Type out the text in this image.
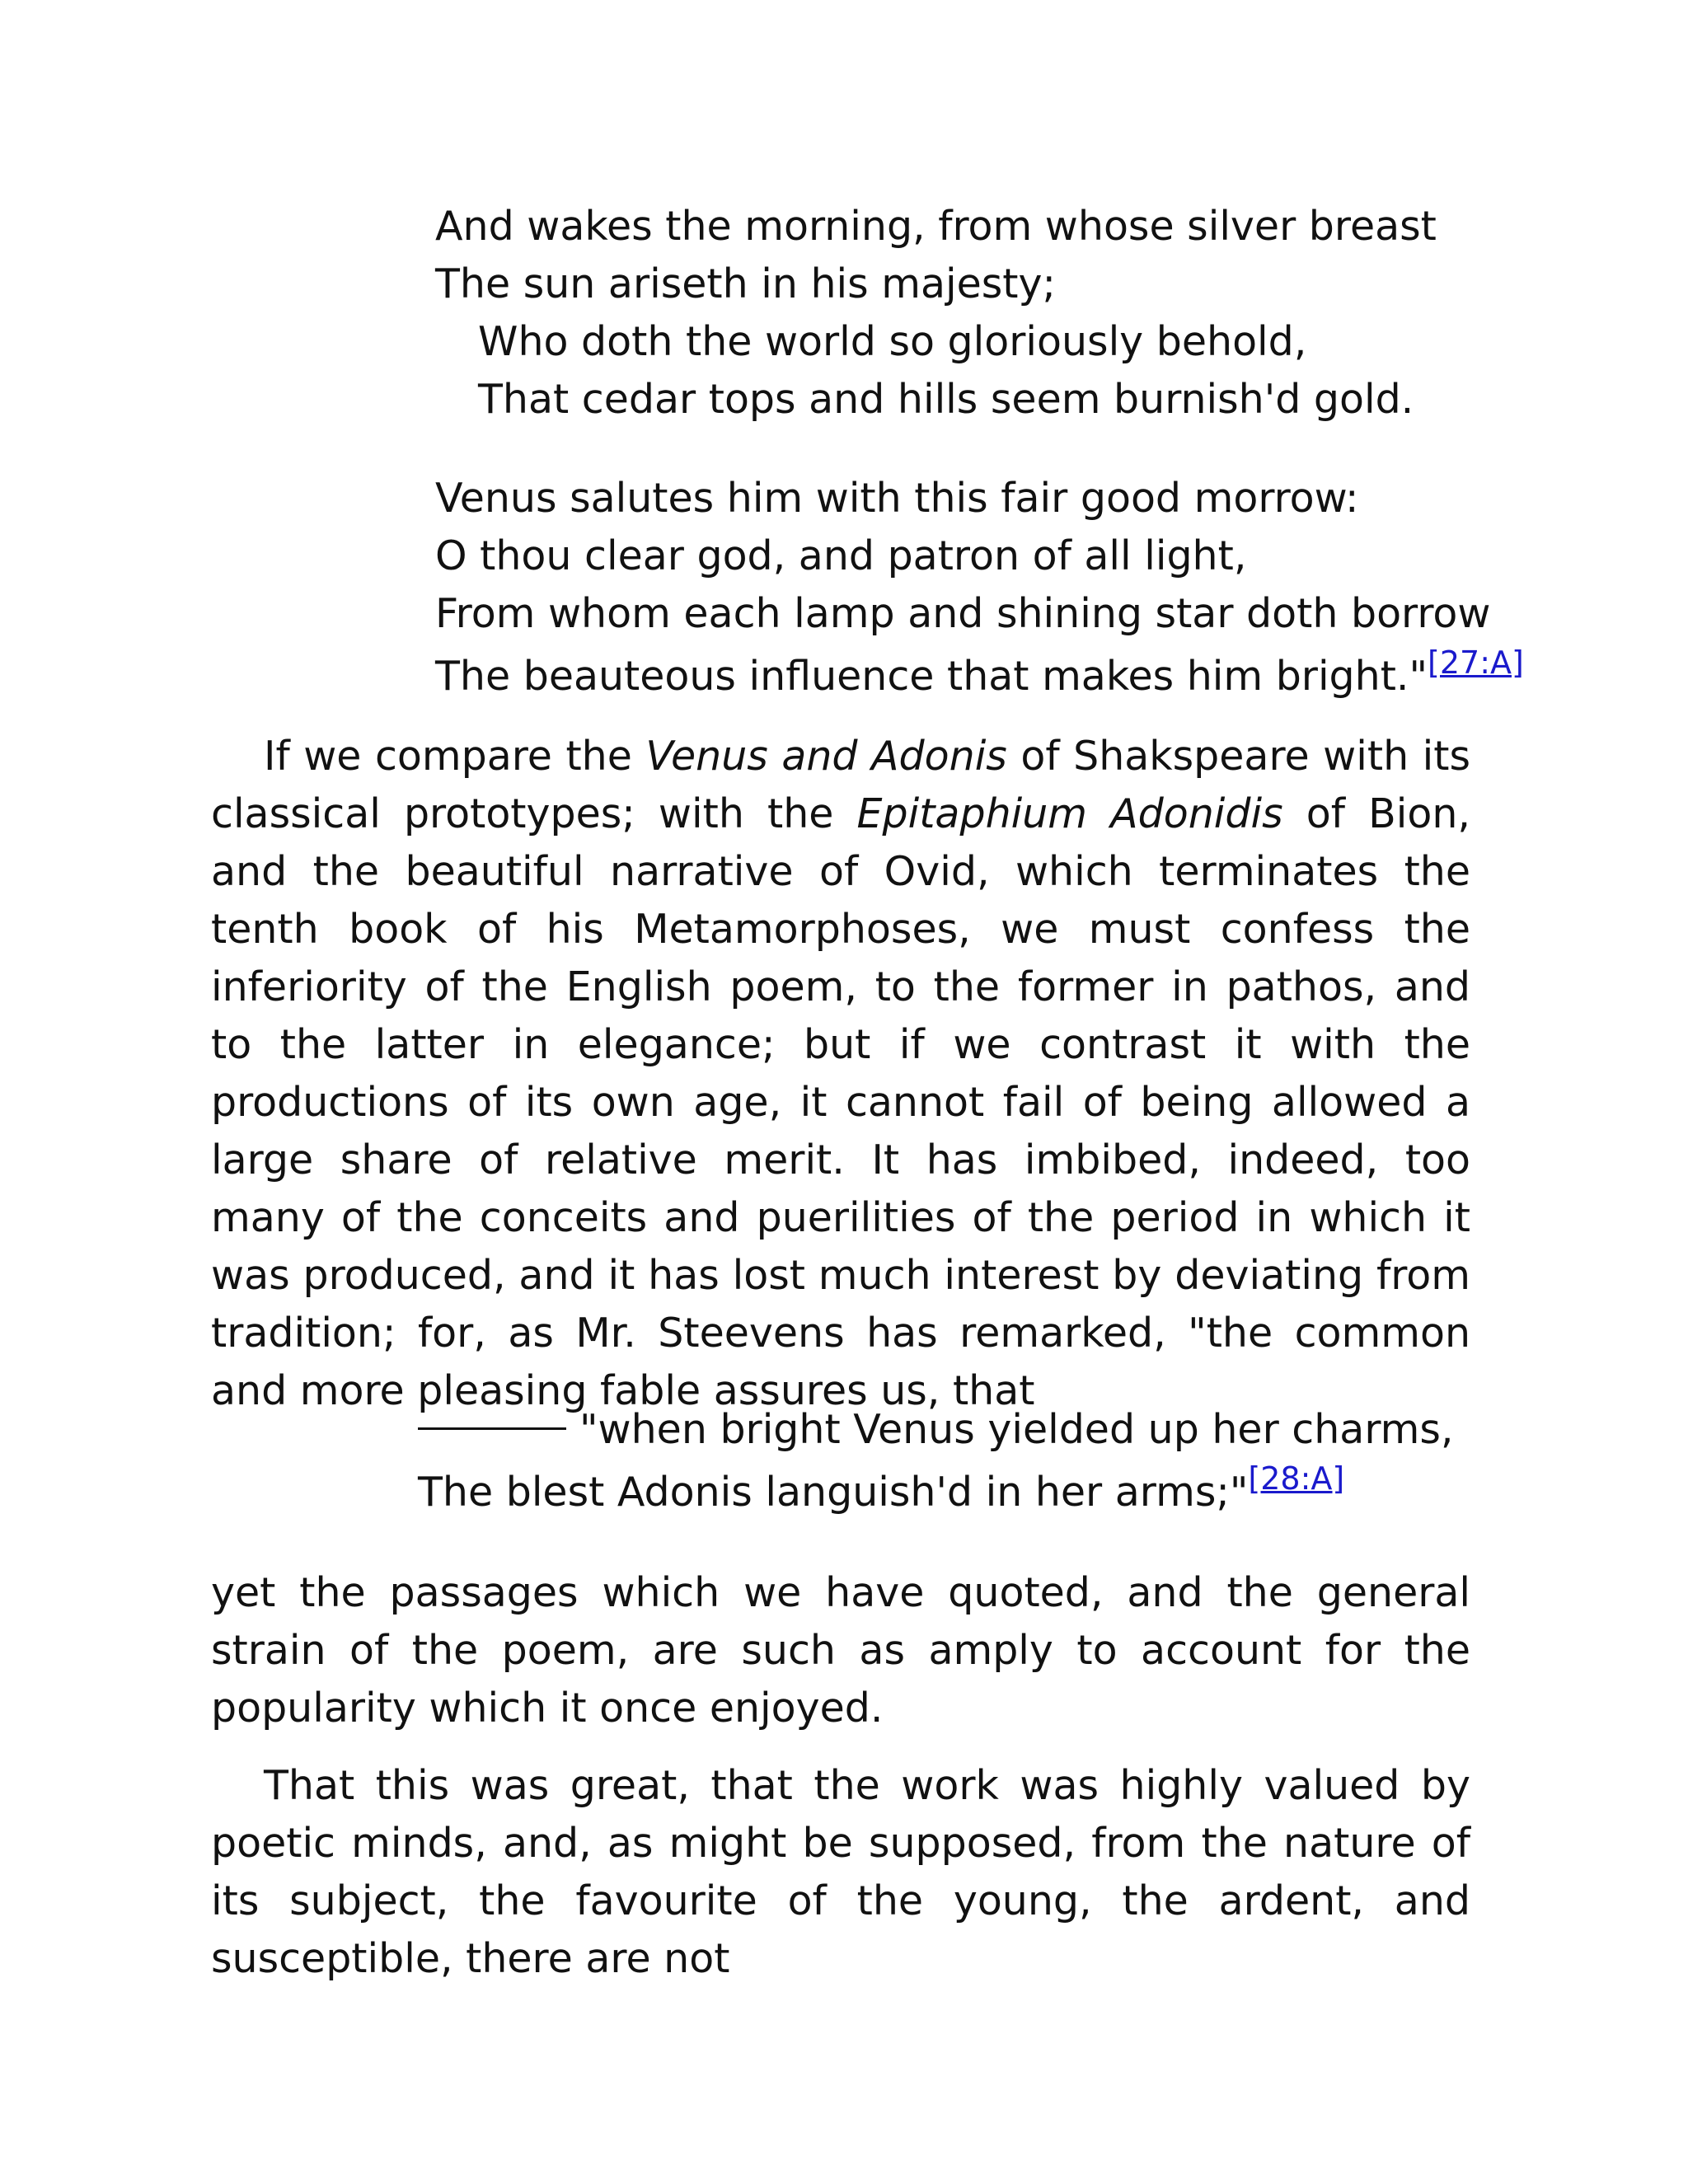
And wakes the morning, from whose silver breast
The sun ariseth in his majesty;
Who doth the world so gloriously behold,
That cedar tops and hills seem burnish'd gold.
Venus salutes him with this fair good morrow:
O thou clear god, and patron of all light,
From whom each lamp and shining star doth borrow
The beauteous influence that makes him bright."[27:A]

If we compare the Venus and Adonis of Shakspeare with its classical prototypes; with the Epitaphium Adonidis of Bion, and the beautiful narrative of Ovid, which terminates the tenth book of his Metamorphoses, we must confess the inferiority of the English poem, to the former in pathos, and to the latter in elegance; but if we contrast it with the productions of its own age, it cannot fail of being allowed a large share of relative merit. It has imbibed, indeed, too many of the conceits and puerilities of the period in which it was produced, and it has lost much interest by deviating from tradition; for, as Mr. Steevens has remarked, "the common and more pleasing fable assures us, that

"when bright Venus yielded up her charms,
The blest Adonis languish'd in her arms;"[28:A]

yet the passages which we have quoted, and the general strain of the poem, are such as amply to account for the popularity which it once enjoyed.

That this was great, that the work was highly valued by poetic minds, and, as might be supposed, from the nature of its subject, the favourite of the young, the ardent, and susceptible, there are not
